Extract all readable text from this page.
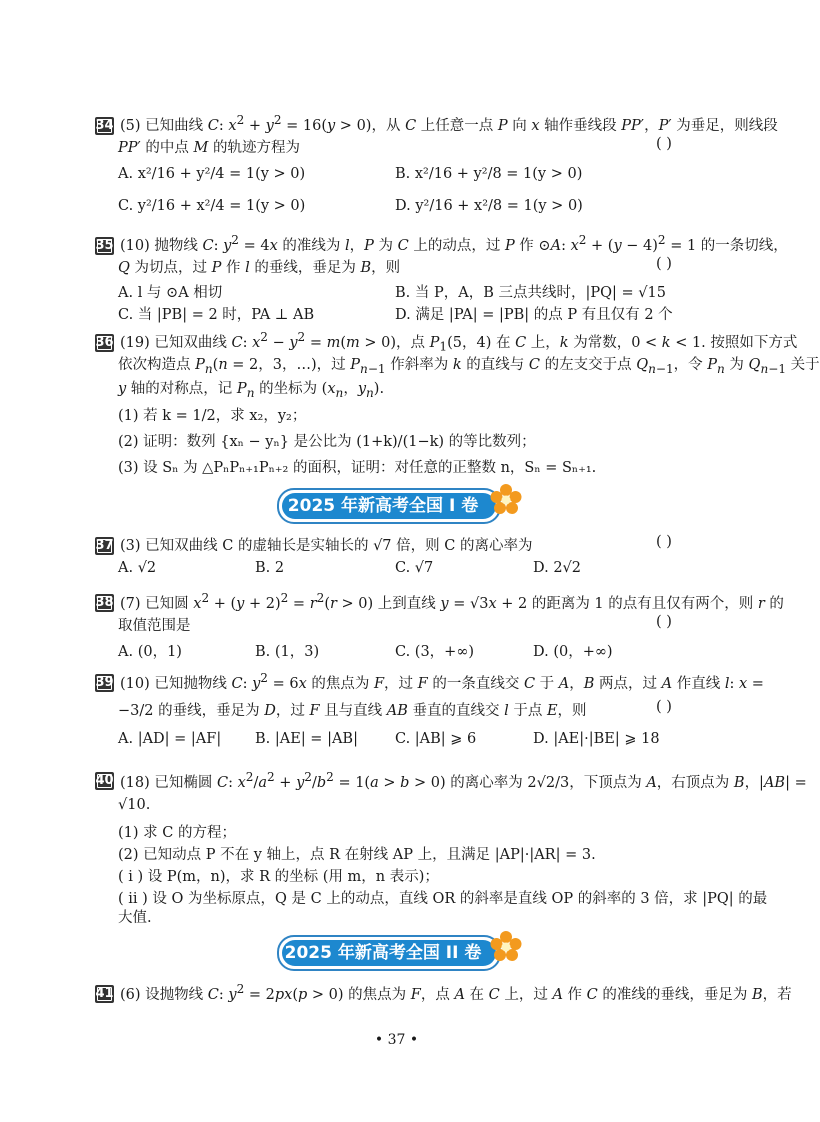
34 (5) 已知曲线 C: $x^2 + y^2 = 16(y > 0)$，从 C 上任意一点 P 向 x 轴作垂线段 PP′，P′ 为垂足，则线段
PP′ 的中点 M 的轨迹方程为	( )
A. x²/16 + y²/4 = 1(y > 0)	B. x²/16 + y²/8 = 1(y > 0)
C. y²/16 + x²/4 = 1(y > 0)	D. y²/16 + x²/8 = 1(y > 0)
35 (10) 抛物线 C: $y^2 = 4x$ 的准线为 l，P 为 C 上的动点，过 P 作 ⊙A: $x^2 + (y - 4)^2 = 1$ 的一条切线，
Q 为切点，过 P 作 l 的垂线，垂足为 B，则	( )
A. l 与 ⊙A 相切	B. 当 P，A，B 三点共线时，|PQ| = √15
C. 当 |PB| = 2 时，PA ⊥ AB	D. 满足 |PA| = |PB| 的点 P 有且仅有 2 个
36 (19) 已知双曲线 C: $x^2 - y^2 = m(m > 0)$，点 $P_1(5$，4) 在 C 上，k 为常数，0 < k < 1. 按照如下方式
依次构造点 $P_n(n = 2$，3，…)，过 $P_{n-1}$ 作斜率为 k 的直线与 C 的左支交于点 $Q_{n-1}$，令 $P_n$ 为 $Q_{n-1}$ 关于
y 轴的对称点，记 $P_n$ 的坐标为 ($x_n$，$y_n$).
(1) 若 k = 1/2，求 x₂，y₂；
(2) 证明：数列 {xₙ − yₙ} 是公比为 (1+k)/(1−k) 的等比数列；
(3) 设 Sₙ 为 △PₙPₙ₊₁Pₙ₊₂ 的面积，证明：对任意的正整数 n，Sₙ = Sₙ₊₁.
2025 年新高考全国 I 卷
37 (3) 已知双曲线 C 的虚轴长是实轴长的 √7 倍，则 C 的离心率为	( )
A. √2	B. 2	C. √7	D. 2√2
38 (7) 已知圆 $x^2 + (y + 2)^2 = r^2(r > 0)$ 上到直线 y = √3x + 2 的距离为 1 的点有且仅有两个，则 r 的
取值范围是	( )
A. (0，1)	B. (1，3)	C. (3，+∞)	D. (0，+∞)
39 (10) 已知抛物线 C: $y^2 = 6x$ 的焦点为 F，过 F 的一条直线交 C 于 A，B 两点，过 A 作直线 l: x =
−3/2 的垂线，垂足为 D，过 F 且与直线 AB 垂直的直线交 l 于点 E，则	( )
A. |AD| = |AF| B. |AE| = |AB|	C. |AB| ⩾ 6	D. |AE|·|BE| ⩾ 18
40 (18) 已知椭圆 C: $x^2/a^2 + y^2/b^2 = 1(a > b > 0)$ 的离心率为 2√2/3，下顶点为 A，右顶点为 B，|AB| =
√10.
(1) 求 C 的方程；
(2) 已知动点 P 不在 y 轴上，点 R 在射线 AP 上，且满足 |AP|·|AR| = 3.
( i ) 设 P(m，n)，求 R 的坐标 (用 m，n 表示)；
( ii ) 设 O 为坐标原点，Q 是 C 上的动点，直线 OR 的斜率是直线 OP 的斜率的 3 倍，求 |PQ| 的最
大值.
2025 年新高考全国 II 卷
41 (6) 设抛物线 C: $y^2 = 2px(p > 0)$ 的焦点为 F，点 A 在 C 上，过 A 作 C 的准线的垂线，垂足为 B，若
• 37 •
